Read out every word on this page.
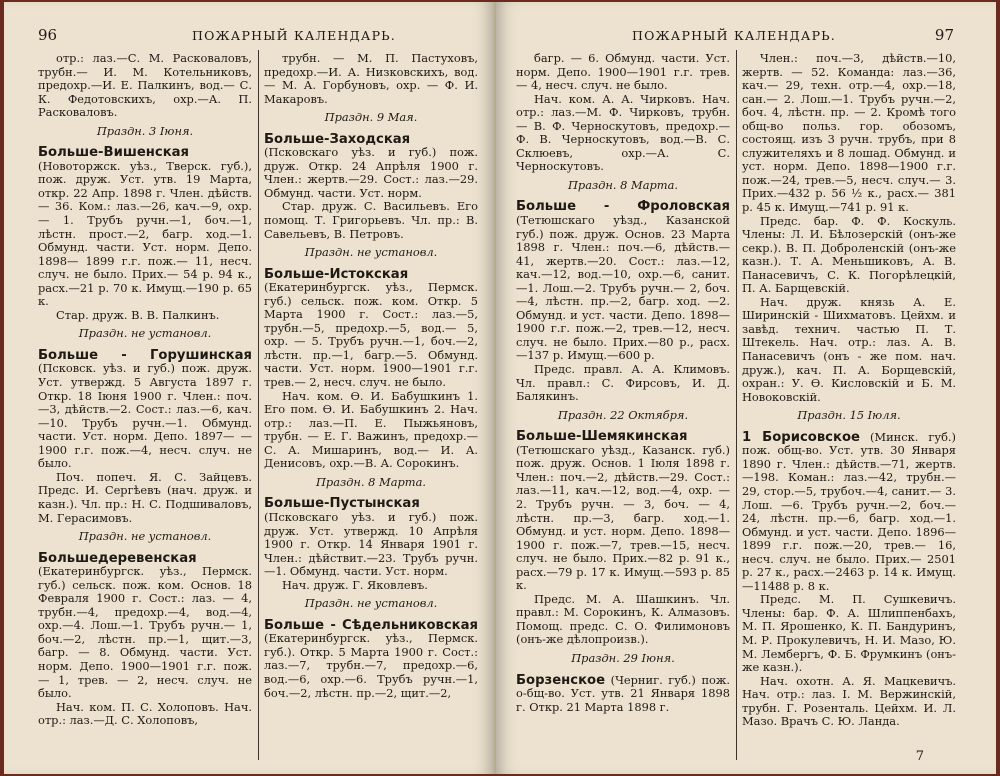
96	ПОЖАРНЫЙ КАЛЕНДАРЬ.

отр.: лаз.—С. М. Расковаловъ, трубн.— И. М. Котельниковъ, предохр.—И. Е. Палкинъ, вод.— С. К. Федотовскихъ, охр.—А. П. Расковаловъ.

Праздн. 3 Іюня.

Больше-Вишенская (Новоторжск. уѣз., Тверск. губ.), пож. друж. Уст. утв. 19 Марта, откр. 22 Апр. 1898 г. Член. дѣйств.— 36. Ком.: лаз.—26, кач.—9, охр.— 1. Трубъ ручн.—1, боч.—1, лѣстн. прост.—2, багр. ход.—1. Обмунд. части. Уст. норм. Депо. 1898— 1899 г.г. пож.— 11, несч. случ. не было. Прих.— 54 р. 94 к., расх.—21 р. 70 к. Имущ.—190 р. 65 к.

Стар. друж. В. В. Палкинъ.

Праздн. не установл.

Больше - Горушинская (Псковск. уѣз. и губ.) пож. друж. Уст. утвержд. 5 Августа 1897 г. Откр. 18 Іюня 1900 г. Член.: поч. —3, дѣйств.—2. Сост.: лаз.—6, кач.—10. Трубъ ручн.—1. Обмунд. части. Уст. норм. Депо. 1897— —1900 г.г. пож.—4, несч. случ. не было.

Поч. попеч. Я. С. Зайцевъ. Предс. И. Сергѣевъ (нач. друж. и казн.). Чл. пр.: Н. С. Подшиваловъ, М. Герасимовъ.

Праздн. не установл.

Большедеревенская (Екатеринбургск. уѣз., Пермск. губ.) сельск. пож. ком. Основ. 18 Февраля 1900 г. Сост.: лаз. — 4, трубн.—4, предохр.—4, вод.—4, охр.—4. Лош.—1. Трубъ ручн.— 1, боч.—2, лѣстн. пр.—1, щит.—3, багр. — 8. Обмунд. части. Уст. норм. Депо. 1900—1901 г.г. пож. — 1, трев. — 2, несч. случ. не было.

Нач. ком. П. С. Холоповъ. Нач. отр.: лаз.—Д. С. Холоповъ,

трубн. — М. П. Пастуховъ, предохр.—И. А. Низковскихъ, вод.— М. А. Горбуновъ, охр. — Ф. И. Макаровъ.

Праздн. 9 Мая.

Больше-Заходская (Псковскаго уѣз. и губ.) пож. друж. Откр. 24 Апрѣля 1900 г. Член.: жертв.—29. Сост.: лаз.—29. Обмунд. части. Уст. норм.

Стар. друж. С. Васильевъ. Его помощ. Т. Григорьевъ. Чл. пр.: В. Савельевъ, В. Петровъ.

Праздн. не установл.

Больше-Истокская (Екатеринбургск. уѣз., Пермск. губ.) сельск. пож. ком. Откр. 5 Марта 1900 г. Сост.: лаз.—5, трубн.—5, предохр.—5, вод.— 5, охр. — 5. Трубъ ручн.—1, боч.—2, лѣстн. пр.—1, багр.—5. Обмунд. части. Уст. норм. 1900—1901 г.г. трев.— 2, несч. случ. не было.

Нач. ком. Ѳ. И. Бабушкинъ 1. Его пом. Ѳ. И. Бабушкинъ 2. Нач. отр.: лаз.—П. Е. Пыжьяновъ, трубн. — Е. Г. Важинъ, предохр.—С. А. Мишаринъ, вод.— И. А. Денисовъ, охр.—В. А. Сорокинъ.

Праздн. 8 Марта.

Больше-Пустынская (Псковскаго уѣз. и губ.) пож. друж. Уст. утвержд. 10 Апрѣля 1900 г. Откр. 14 Января 1901 г. Член.: дѣйствит.—23. Трубъ ручн.—1. Обмунд. части. Уст. норм.

Нач. друж. Г. Яковлевъ.

Праздн. не установл.

Больше - Сѣдельниковская (Екатеринбургск. уѣз., Пермск. губ.). Откр. 5 Марта 1900 г. Сост.: лаз.—7, трубн.—7, предохр.—6, вод.—6, охр.—6. Трубъ ручн.—1, боч.—2, лѣстн. пр.—2, щит.—2,

ПОЖАРНЫЙ КАЛЕНДАРЬ.	97

багр. — 6. Обмунд. части. Уст. норм. Депо. 1900—1901 г.г. трев. — 4, несч. случ. не было.

Нач. ком. А. А. Чирковъ. Нач. отр.: лаз.—М. Ф. Чирковъ, трубн. — В. Ф. Черноскутовъ, предохр.—Ф. В. Черноскутовъ, вод.—В. С. Склюевъ, охр.—А. С. Черноскутовъ.

Праздн. 8 Марта.

Больше - Фроловская (Тетюшскаго уѣзд., Казанской губ.) пож. друж. Основ. 23 Марта 1898 г. Член.: поч.—6, дѣйств.— 41, жертв.—20. Сост.: лаз.—12, кач.—12, вод.—10, охр.—6, санит.—1. Лош.—2. Трубъ ручн.— 2, боч.—4, лѣстн. пр.—2, багр. ход. —2. Обмунд. и уст. части. Депо. 1898—1900 г.г. пож.—2, трев.—12, несч. случ. не было. Прих.—80 р., расх.—137 р. Имущ.—600 р.

Предс. правл. А. А. Климовъ. Чл. правл.: С. Фирсовъ, И. Д. Балякинъ.

Праздн. 22 Октября.

Больше-Шемякинская (Тетюшскаго уѣзд., Казанск. губ.) пож. друж. Основ. 1 Іюля 1898 г. Член.: поч.—2, дѣйств.—29. Сост.: лаз.—11, кач.—12, вод.—4, охр. — 2. Трубъ ручн. — 3, боч. — 4, лѣстн. пр.—3, багр. ход.—1. Обмунд. и уст. норм. Депо. 1898— 1900 г. пож.—7, трев.—15, несч. случ. не было. Прих.—82 р. 91 к., расх.—79 р. 17 к. Имущ.—593 р. 85 к.

Предс. М. А. Шашкинъ. Чл. правл.: М. Сорокинъ, К. Алмазовъ. Помощ. предс. С. О. Филимоновъ (онъ-же дѣлопроизв.).

Праздн. 29 Іюня.

Борзенское (Черниг. губ.) пож. о-бщ-во. Уст. утв. 21 Января 1898 г. Откр. 21 Марта 1898 г.

Член.: поч.—3, дѣйств.—10, жертв. — 52. Команда: лаз.—36, кач.— 29, техн. отр.—4, охр.—18, сан.— 2. Лош.—1. Трубъ ручн.—2, боч. 4, лѣстн. пр. — 2. Кромѣ того общ-во польз. гор. обозомъ, состоящ. изъ 3 ручн. трубъ, при 8 служителяхъ и 8 лошад. Обмунд. и уст. норм. Депо. 1898—1900 г.г. пож.—24, трев.—5, несч. случ.— 3. Прих.—432 р. 56 ½ к., расх.— 381 р. 45 к. Имущ.—741 р. 91 к.

Предс. бар. Ф. Ф. Коскуль. Члены: Л. И. Бѣлозерскій (онъ-же секр.). В. П. Доброленскій (онъ-же казн.). Т. А. Меньшиковъ, А. В. Панасевичъ, С. К. Погорѣлецкій, П. А. Барщевскій.

Нач. друж. князь А. Е. Ширинскій - Шихматовъ. Цейхм. и завѣд. технич. частью П. Т. Штекель. Нач. отр.: лаз. А. В. Панасевичъ (онъ - же пом. нач. друж.), кач. П. А. Борщевскій, охран.: У. Ѳ. Кисловскій и Б. М. Новоковскій.

Праздн. 15 Іюля.

1 Борисовское (Минск. губ.) пож. общ-во. Уст. утв. 30 Января 1890 г. Член.: дѣйств.—71, жертв. —198. Коман.: лаз.—42, трубн.— 29, стор.—5, трубоч.—4, санит.— 3. Лош. —6. Трубъ ручн.—2, боч.— 24, лѣстн. пр.—6, багр. ход.—1. Обмунд. и уст. части. Депо. 1896—1899 г.г. пож.—20, трев.— 16, несч. случ. не было. Прих.— 2501 р. 27 к., расх.—2463 р. 14 к. Имущ.—11488 р. 8 к.

Предс. М. П. Сушкевичъ. Члены: бар. Ф. А. Шлиппенбахъ, М. П. Ярошенко, К. П. Бандуринъ, М. Р. Прокулевичъ, Н. И. Мазо, Ю. М. Лембергъ, Ф. Б. Фрумкинъ (онъ-же казн.).

Нач. охотн. А. Я. Мацкевичъ. Нач. отр.: лаз. І. М. Вержинскій, трубн. Г. Розенталь. Цейхм. И. Л. Мазо. Врачъ С. Ю. Ланда.

7
